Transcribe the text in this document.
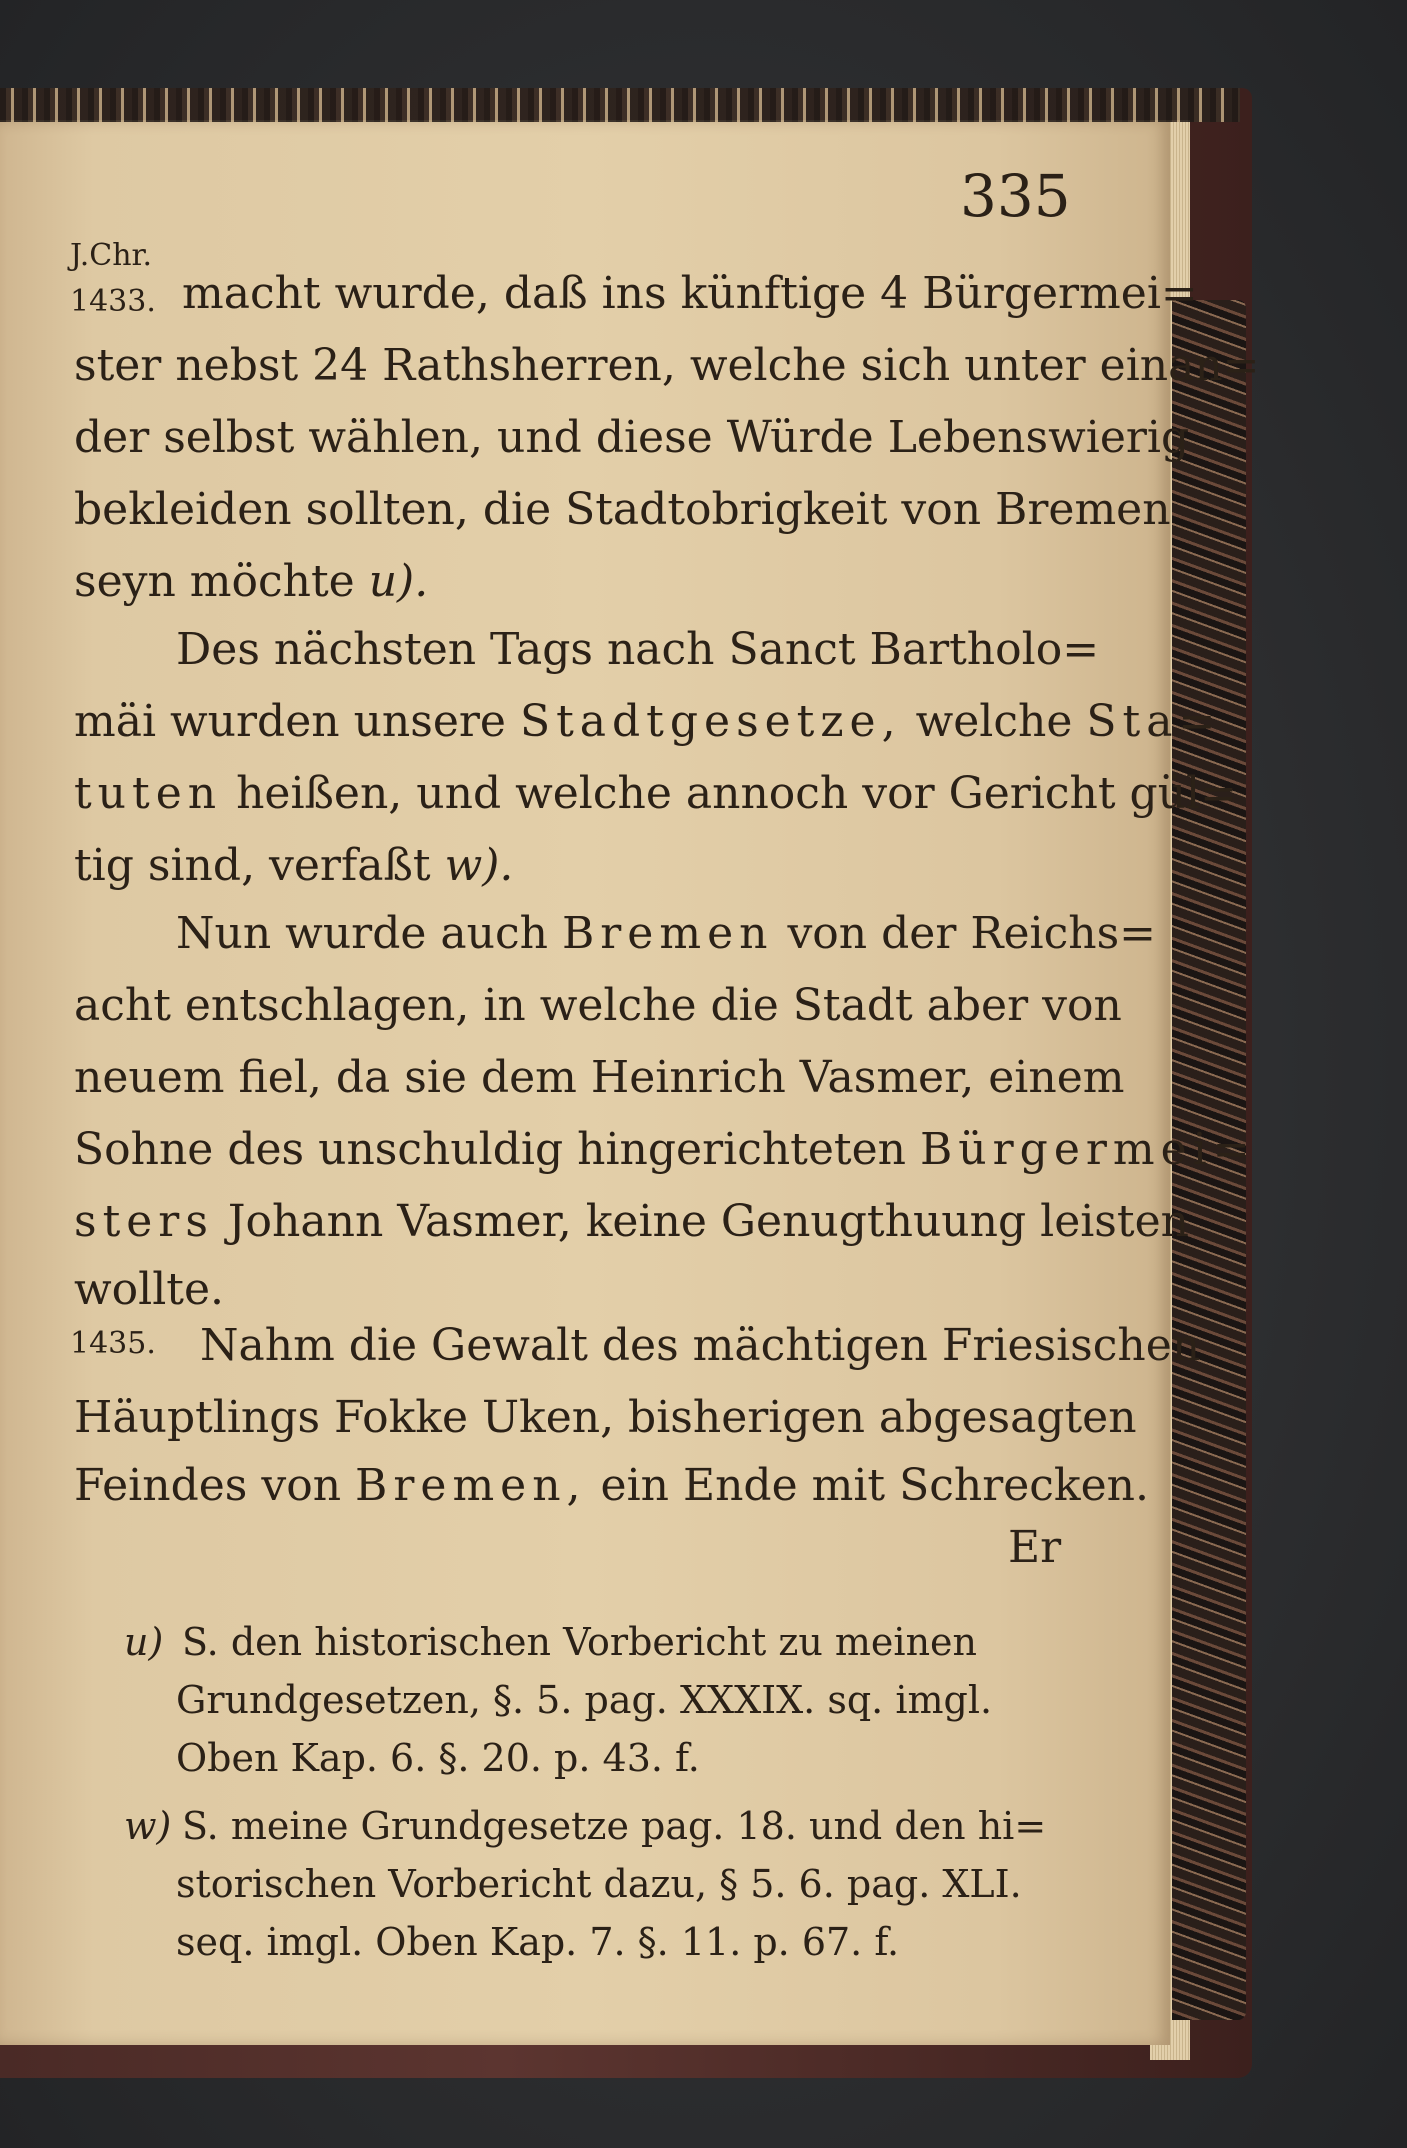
335
J.Chr.
1433.
1435.
macht wurde, daß ins künftige 4 Bürgermei=
ster nebst 24 Rathsherren, welche sich unter einan=
der selbst wählen, und diese Würde Lebenswierig
bekleiden sollten, die Stadtobrigkeit von Bremen
seyn möchte u).
Des nächsten Tags nach Sanct Bartholo=
mäi wurden unsere Stadtgesetze, welche Sta=
tuten heißen, und welche annoch vor Gericht gül=
tig sind, verfaßt w).
Nun wurde auch Bremen von der Reichs=
acht entschlagen, in welche die Stadt aber von
neuem fiel, da sie dem Heinrich Vasmer, einem
Sohne des unschuldig hingerichteten Bürgermei=
sters Johann Vasmer, keine Genugthuung leisten
wollte.
Nahm die Gewalt des mächtigen Friesischen
Häuptlings Fokke Uken, bisherigen abgesagten
Feindes von Bremen, ein Ende mit Schrecken.
Er
u) S. den historischen Vorbericht zu meinen
Grundgesetzen, §. 5. pag. XXXIX. sq. imgl.
Oben Kap. 6. §. 20. p. 43. f.
w) S. meine Grundgesetze pag. 18. und den hi=
storischen Vorbericht dazu, § 5. 6. pag. XLI.
seq. imgl. Oben Kap. 7. §. 11. p. 67. f.
